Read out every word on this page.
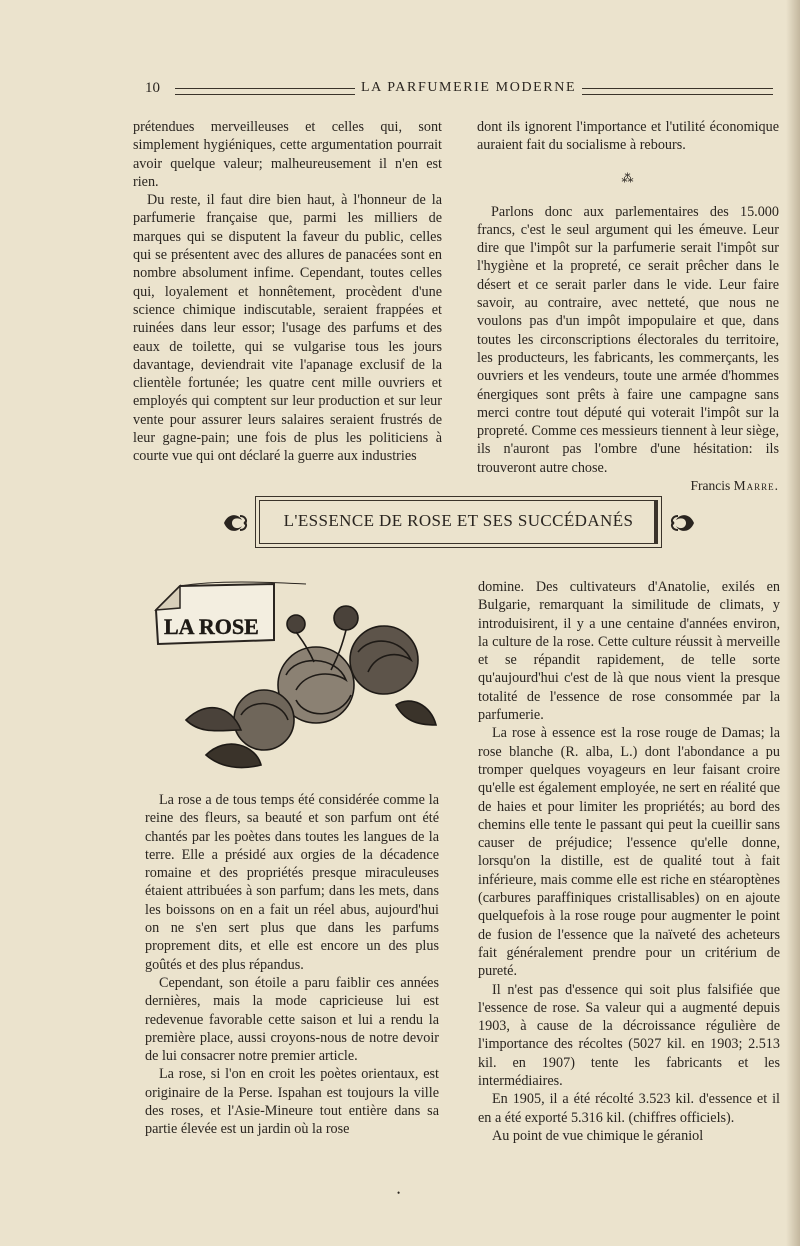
10	LA PARFUMERIE MODERNE

prétendues merveilleuses et celles qui, sont simplement hygiéniques, cette argumentation pourrait avoir quelque valeur; malheureusement il n'en est rien.

Du reste, il faut dire bien haut, à l'honneur de la parfumerie française que, parmi les milliers de marques qui se disputent la faveur du public, celles qui se présentent avec des allures de panacées sont en nombre absolument infime. Cependant, toutes celles qui, loyalement et honnêtement, procèdent d'une science chimique indiscutable, seraient frappées et ruinées dans leur essor; l'usage des parfums et des eaux de toilette, qui se vulgarise tous les jours davantage, deviendrait vite l'apanage exclusif de la clientèle fortunée; les quatre cent mille ouvriers et employés qui comptent sur leur production et sur leur vente pour assurer leurs salaires seraient frustrés de leur gagne-pain; une fois de plus les politiciens à courte vue qui ont déclaré la guerre aux industries

dont ils ignorent l'importance et l'utilité économique auraient fait du socialisme à rebours.

⁂

Parlons donc aux parlementaires des 15.000 francs, c'est le seul argument qui les émeuve. Leur dire que l'impôt sur la parfumerie serait l'impôt sur l'hygiène et la propreté, ce serait prêcher dans le désert et ce serait parler dans le vide. Leur faire savoir, au contraire, avec netteté, que nous ne voulons pas d'un impôt impopulaire et que, dans toutes les circonscriptions électorales du territoire, les producteurs, les fabricants, les commerçants, les ouvriers et les vendeurs, toute une armée d'hommes énergiques sont prêts à faire une campagne sans merci contre tout député qui voterait l'impôt sur la propreté. Comme ces messieurs tiennent à leur siège, ils n'auront pas l'ombre d'une hésitation: ils trouveront autre chose.

Francis Marre.
L'ESSENCE DE ROSE ET SES SUCCÉDANÉS
LA ROSE

La rose a de tous temps été considérée comme la reine des fleurs, sa beauté et son parfum ont été chantés par les poètes dans toutes les langues de la terre. Elle a présidé aux orgies de la décadence romaine et des propriétés presque miraculeuses étaient attribuées à son parfum; dans les mets, dans les boissons on en a fait un réel abus, aujourd'hui on ne s'en sert plus que dans les parfums proprement dits, et elle est encore un des plus goûtés et des plus répandus.

Cependant, son étoile a paru faiblir ces années dernières, mais la mode capricieuse lui est redevenue favorable cette saison et lui a rendu la première place, aussi croyons-nous de notre devoir de lui consacrer notre premier article.

La rose, si l'on en croit les poètes orientaux, est originaire de la Perse. Ispahan est toujours la ville des roses, et l'Asie-Mineure tout entière dans sa partie élevée est un jardin où la rose

domine. Des cultivateurs d'Anatolie, exilés en Bulgarie, remarquant la similitude de climats, y introduisirent, il y a une centaine d'années environ, la culture de la rose. Cette culture réussit à merveille et se répandit rapidement, de telle sorte qu'aujourd'hui c'est de là que nous vient la presque totalité de l'essence de rose consommée par la parfumerie.

La rose à essence est la rose rouge de Damas; la rose blanche (R. alba, L.) dont l'abondance a pu tromper quelques voyageurs en leur faisant croire qu'elle est également employée, ne sert en réalité que de haies et pour limiter les propriétés; au bord des chemins elle tente le passant qui peut la cueillir sans causer de préjudice; l'essence qu'elle donne, lorsqu'on la distille, est de qualité tout à fait inférieure, mais comme elle est riche en stéaroptènes (carbures paraffiniques cristallisables) on en ajoute quelquefois à la rose rouge pour augmenter le point de fusion de l'essence que la naïveté des acheteurs fait généralement prendre pour un critérium de pureté.

Il n'est pas d'essence qui soit plus falsifiée que l'essence de rose. Sa valeur qui a augmenté depuis 1903, à cause de la décroissance régulière de l'importance des récoltes (5027 kil. en 1903; 2.513 kil. en 1907) tente les fabricants et les intermédiaires.

En 1905, il a été récolté 3.523 kil. d'essence et il en a été exporté 5.316 kil. (chiffres officiels).

Au point de vue chimique le géraniol

•
